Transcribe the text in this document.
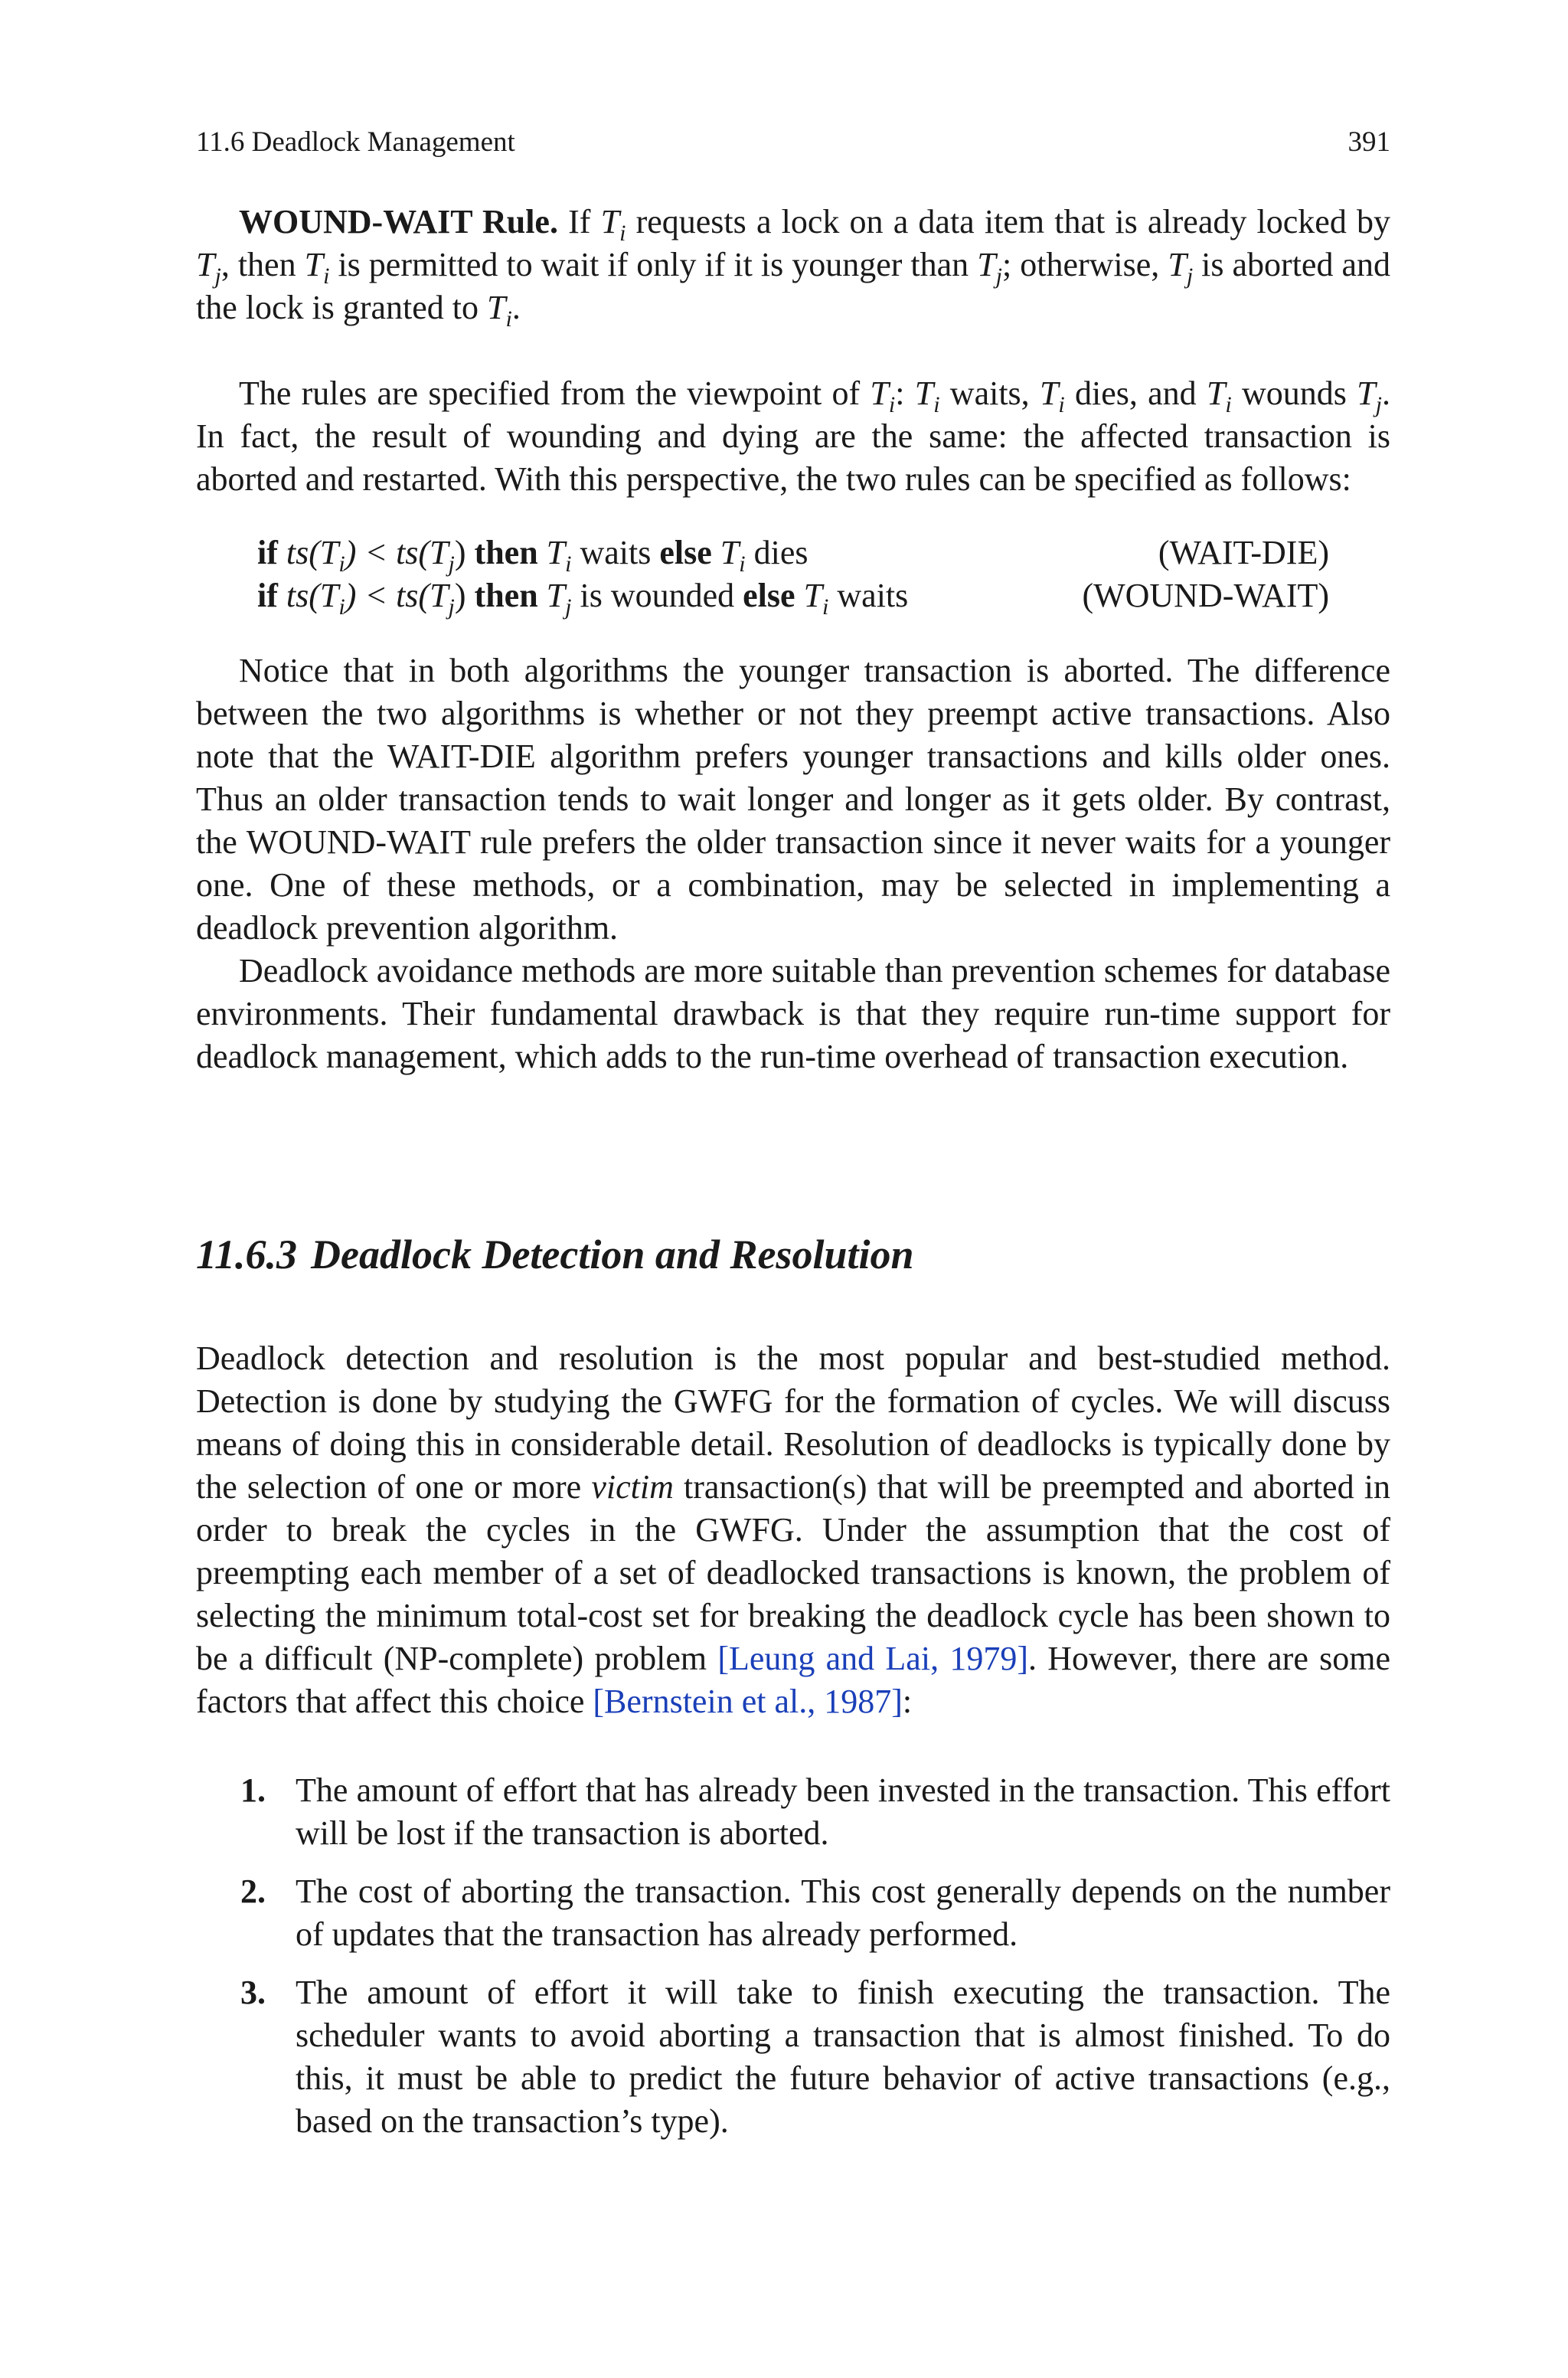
11.6 Deadlock Management	391

WOUND-WAIT Rule. If $T_i$ requests a lock on a data item that is already locked by $T_j$, then $T_i$ is permitted to wait if only if it is younger than $T_j$; otherwise, $T_j$ is aborted and the lock is granted to $T_i$.

The rules are specified from the viewpoint of $T_i$: $T_i$ waits, $T_i$ dies, and $T_i$ wounds $T_j$. In fact, the result of wounding and dying are the same: the affected transaction is aborted and restarted. With this perspective, the two rules can be specified as follows:

if $ts(T_i) < ts(T_j)$ then $T_i$ waits else $T_i$ dies	(WAIT-DIE)
if $ts(T_i) < ts(T_j)$ then $T_j$ is wounded else $T_i$ waits	(WOUND-WAIT)

Notice that in both algorithms the younger transaction is aborted. The difference between the two algorithms is whether or not they preempt active transactions. Also note that the WAIT-DIE algorithm prefers younger transactions and kills older ones. Thus an older transaction tends to wait longer and longer as it gets older. By contrast, the WOUND-WAIT rule prefers the older transaction since it never waits for a younger one. One of these methods, or a combination, may be selected in implementing a deadlock prevention algorithm.

Deadlock avoidance methods are more suitable than prevention schemes for database environments. Their fundamental drawback is that they require run-time support for deadlock management, which adds to the run-time overhead of transaction execution.

11.6.3 Deadlock Detection and Resolution

Deadlock detection and resolution is the most popular and best-studied method. Detection is done by studying the GWFG for the formation of cycles. We will discuss means of doing this in considerable detail. Resolution of deadlocks is typically done by the selection of one or more victim transaction(s) that will be preempted and aborted in order to break the cycles in the GWFG. Under the assumption that the cost of preempting each member of a set of deadlocked transactions is known, the problem of selecting the minimum total-cost set for breaking the deadlock cycle has been shown to be a difficult (NP-complete) problem [Leung and Lai, 1979]. However, there are some factors that affect this choice [Bernstein et al., 1987]:

1. The amount of effort that has already been invested in the transaction. This effort will be lost if the transaction is aborted.
2. The cost of aborting the transaction. This cost generally depends on the number of updates that the transaction has already performed.
3. The amount of effort it will take to finish executing the transaction. The scheduler wants to avoid aborting a transaction that is almost finished. To do this, it must be able to predict the future behavior of active transactions (e.g., based on the transaction’s type).
